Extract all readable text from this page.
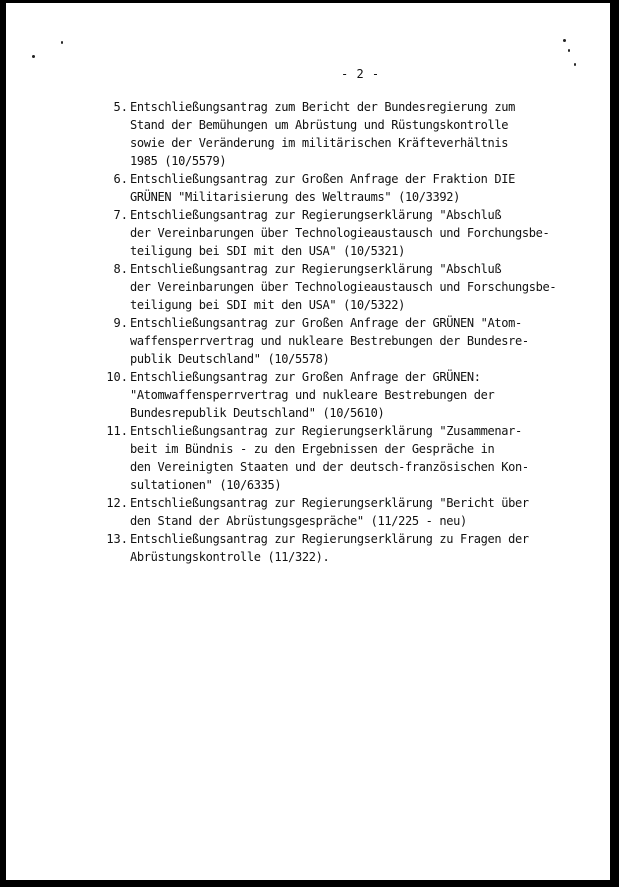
- 2 -
5. Entschließungsantrag zum Bericht der Bundesregierung zum
Stand der Bemühungen um Abrüstung und Rüstungskontrolle
sowie der Veränderung im militärischen Kräfteverhältnis
1985 (10/5579)
6. Entschließungsantrag zur Großen Anfrage der Fraktion DIE
GRÜNEN "Militarisierung des Weltraums" (10/3392)
7. Entschließungsantrag zur Regierungserklärung "Abschluß
der Vereinbarungen über Technologieaustausch und Forchungsbe-
teiligung bei SDI mit den USA" (10/5321)
8. Entschließungsantrag zur Regierungserklärung "Abschluß
der Vereinbarungen über Technologieaustausch und Forschungsbe-
teiligung bei SDI mit den USA" (10/5322)
9. Entschließungsantrag zur Großen Anfrage der GRÜNEN "Atom-
waffensperrvertrag und nukleare Bestrebungen der Bundesre-
publik Deutschland" (10/5578)
10. Entschließungsantrag zur Großen Anfrage der GRÜNEN:
"Atomwaffensperrvertrag und nukleare Bestrebungen der
Bundesrepublik Deutschland" (10/5610)
11. Entschließungsantrag zur Regierungserklärung "Zusammenar-
beit im Bündnis - zu den Ergebnissen der Gespräche in
den Vereinigten Staaten und der deutsch-französischen Kon-
sultationen" (10/6335)
12. Entschließungsantrag zur Regierungserklärung "Bericht über
den Stand der Abrüstungsgespräche" (11/225 - neu)
13. Entschließungsantrag zur Regierungserklärung zu Fragen der
Abrüstungskontrolle (11/322).
